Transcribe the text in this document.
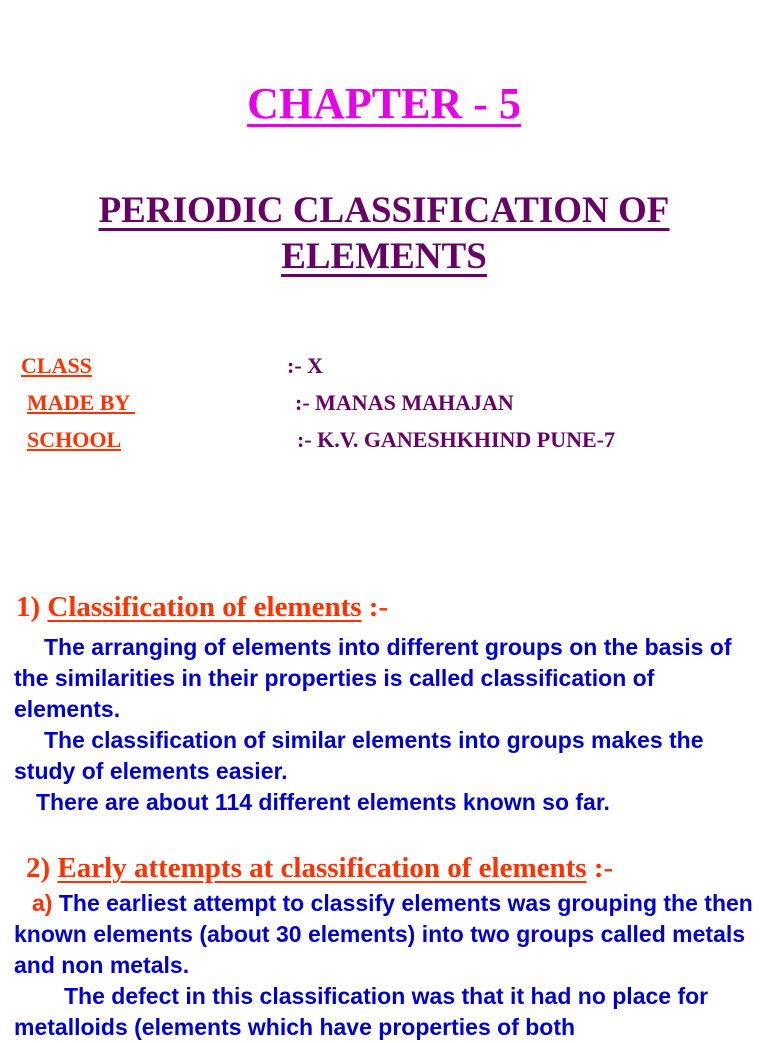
CHAPTER - 5
PERIODIC CLASSIFICATION OF
ELEMENTS
CLASS	:- X
MADE BY	:- MANAS MAHAJAN
SCHOOL	:- K.V. GANESHKHIND PUNE-7
1) Classification of elements :-

The arranging of elements into different groups on the basis of the similarities in their properties is called classification of elements.

The classification of similar elements into groups makes the study of elements easier.

There are about 114 different elements known so far.

2) Early attempts at classification of elements :-

a) The earliest attempt to classify elements was grouping the then known elements (about 30 elements) into two groups called metals and non metals.

The defect in this classification was that it had no place for metalloids (elements which have properties of both
